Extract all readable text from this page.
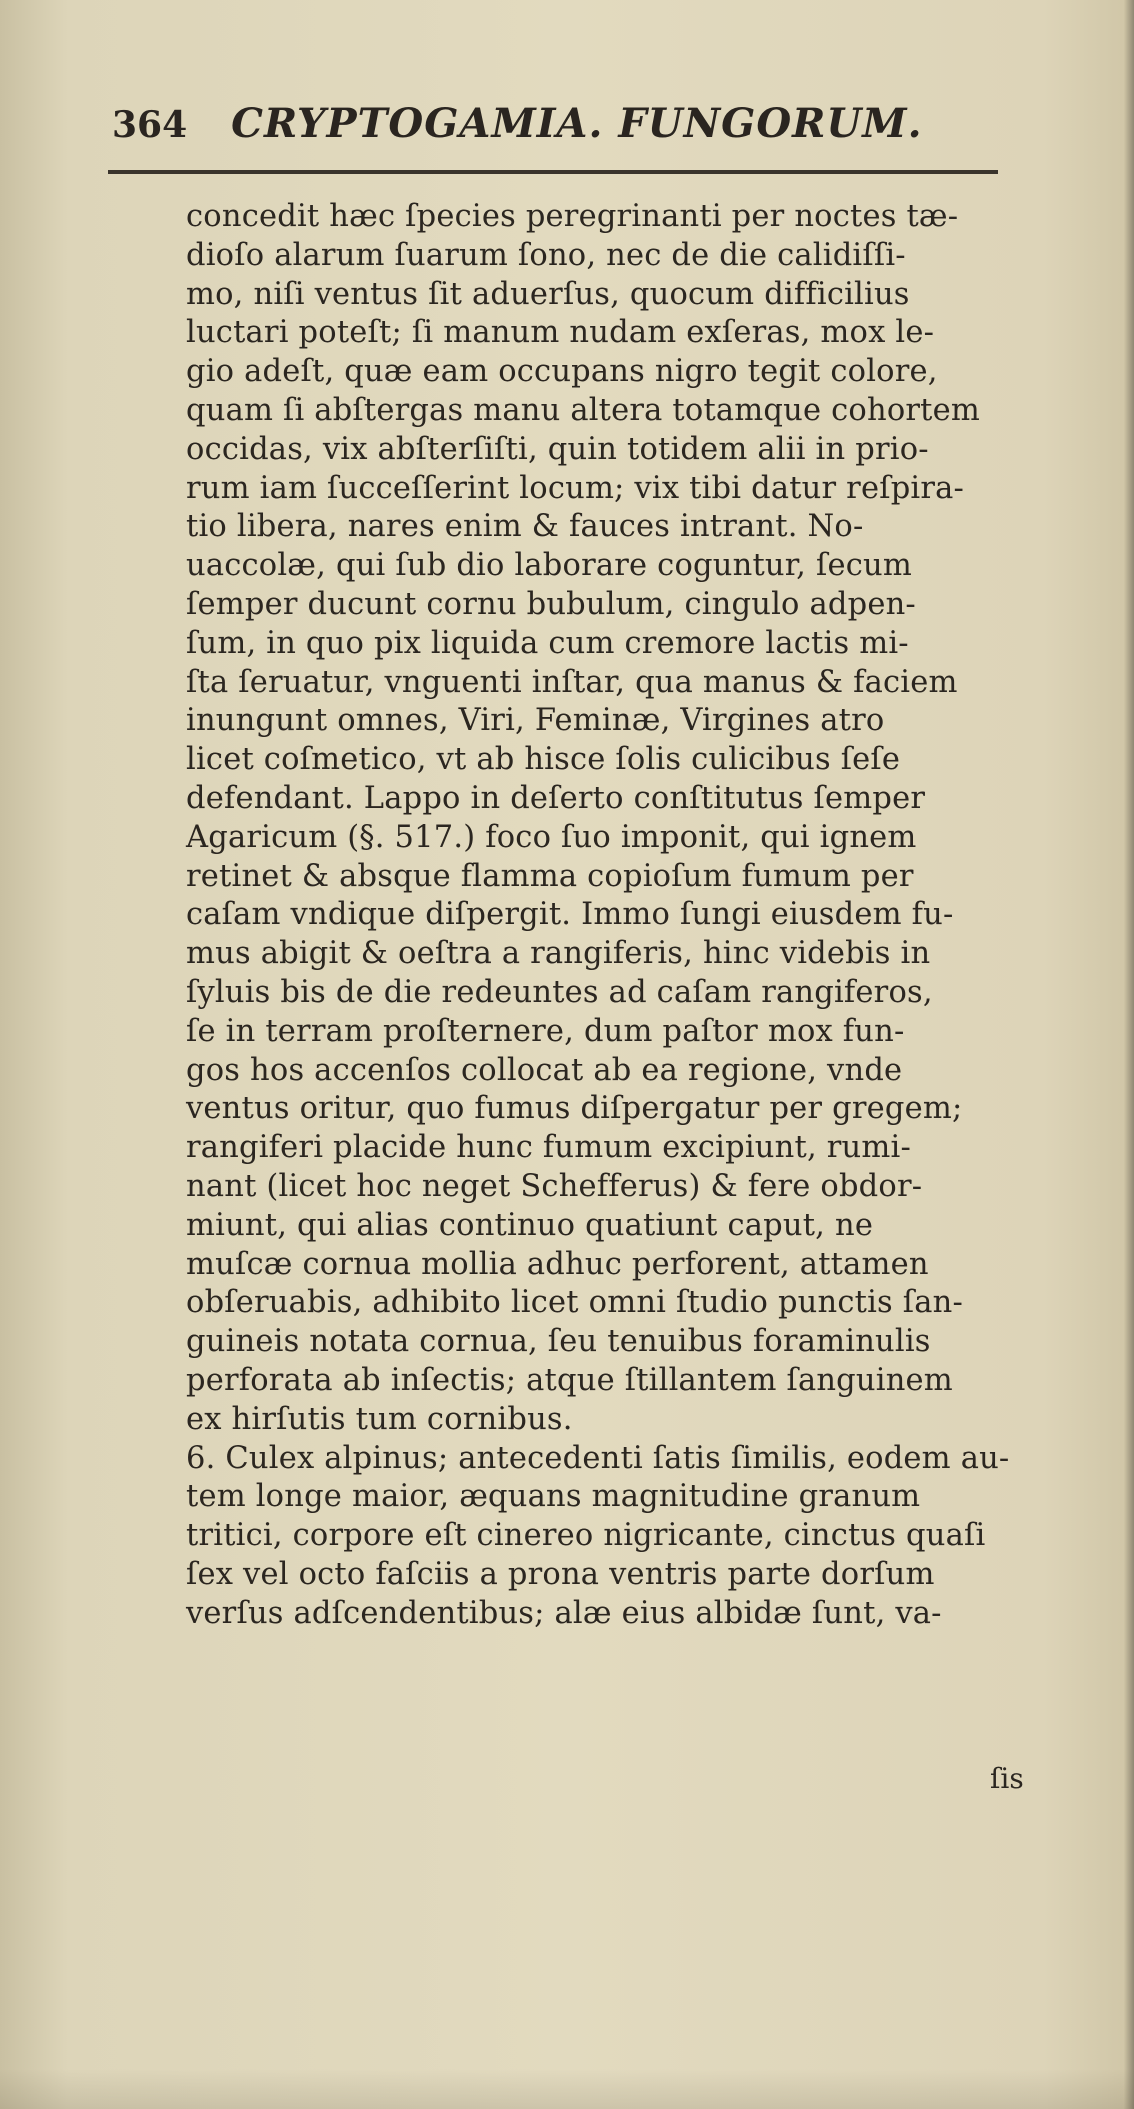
364 CRYPTOGAMIA. FUNGORUM.
concedit hæc ſpecies peregrinanti per noctes tæ-
dioſo alarum ſuarum ſono, nec de die calidiſſi-
mo, niſi ventus ſit aduerſus, quocum difficilius
luctari poteſt; ſi manum nudam exſeras, mox le-
gio adeſt, quæ eam occupans nigro tegit colore,
quam ſi abſtergas manu altera totamque cohortem
occidas, vix abſterſiſti, quin totidem alii in prio-
rum iam ſucceſſerint locum; vix tibi datur reſpira-
tio libera, nares enim & fauces intrant. No-
uaccolæ, qui ſub dio laborare coguntur, ſecum
ſemper ducunt cornu bubulum, cingulo adpen-
ſum, in quo pix liquida cum cremore lactis mi-
ſta ſeruatur, vnguenti inſtar, qua manus & faciem
inungunt omnes, Viri, Feminæ, Virgines atro
licet coſmetico, vt ab hisce ſolis culicibus ſeſe
defendant. Lappo in deſerto conſtitutus ſemper
Agaricum (§. 517.) foco ſuo imponit, qui ignem
retinet & absque flamma copioſum fumum per
caſam vndique diſpergit. Immo ſungi eiusdem fu-
mus abigit & oeſtra a rangiferis, hinc videbis in
ſyluis bis de die redeuntes ad caſam rangiferos,
ſe in terram proſternere, dum paſtor mox fun-
gos hos accenſos collocat ab ea regione, vnde
ventus oritur, quo fumus diſpergatur per gregem;
rangiferi placide hunc fumum excipiunt, rumi-
nant (licet hoc neget Schefferus) & fere obdor-
miunt, qui alias continuo quatiunt caput, ne
muſcæ cornua mollia adhuc perforent, attamen
obſeruabis, adhibito licet omni ſtudio punctis ſan-
guineis notata cornua, ſeu tenuibus foraminulis
perforata ab inſectis; atque ſtillantem ſanguinem
ex hirſutis tum cornibus.
6. Culex alpinus; antecedenti ſatis ſimilis, eodem au-
tem longe maior, æquans magnitudine granum
tritici, corpore eſt cinereo nigricante, cinctus quaſi
ſex vel octo faſciis a prona ventris parte dorſum
verſus adſcendentibus; alæ eius albidæ ſunt, va-
ſis
